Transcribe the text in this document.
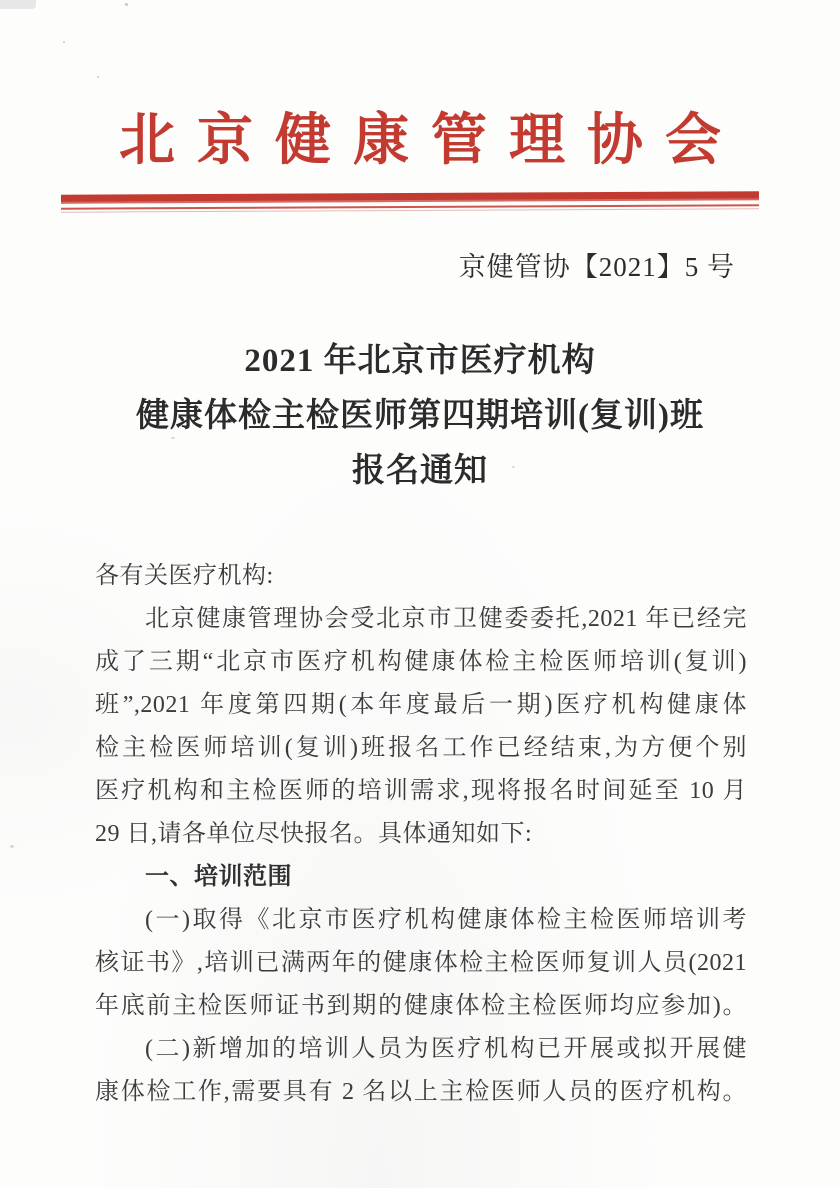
北京健康管理协会
京健管协【2021】5 号
2021 年北京市医疗机构
健康体检主检医师第四期培训(复训)班
报名通知
各有关医疗机构:
北京健康管理协会受北京市卫健委委托,2021 年已经完
成了三期“北京市医疗机构健康体检主检医师培训(复训)
班”,2021 年度第四期(本年度最后一期)医疗机构健康体
检主检医师培训(复训)班报名工作已经结束,为方便个别
医疗机构和主检医师的培训需求,现将报名时间延至 10 月
29 日,请各单位尽快报名。具体通知如下:
一、培训范围
(一)取得《北京市医疗机构健康体检主检医师培训考
核证书》,培训已满两年的健康体检主检医师复训人员(2021
年底前主检医师证书到期的健康体检主检医师均应参加)。
(二)新增加的培训人员为医疗机构已开展或拟开展健
康体检工作,需要具有 2 名以上主检医师人员的医疗机构。
